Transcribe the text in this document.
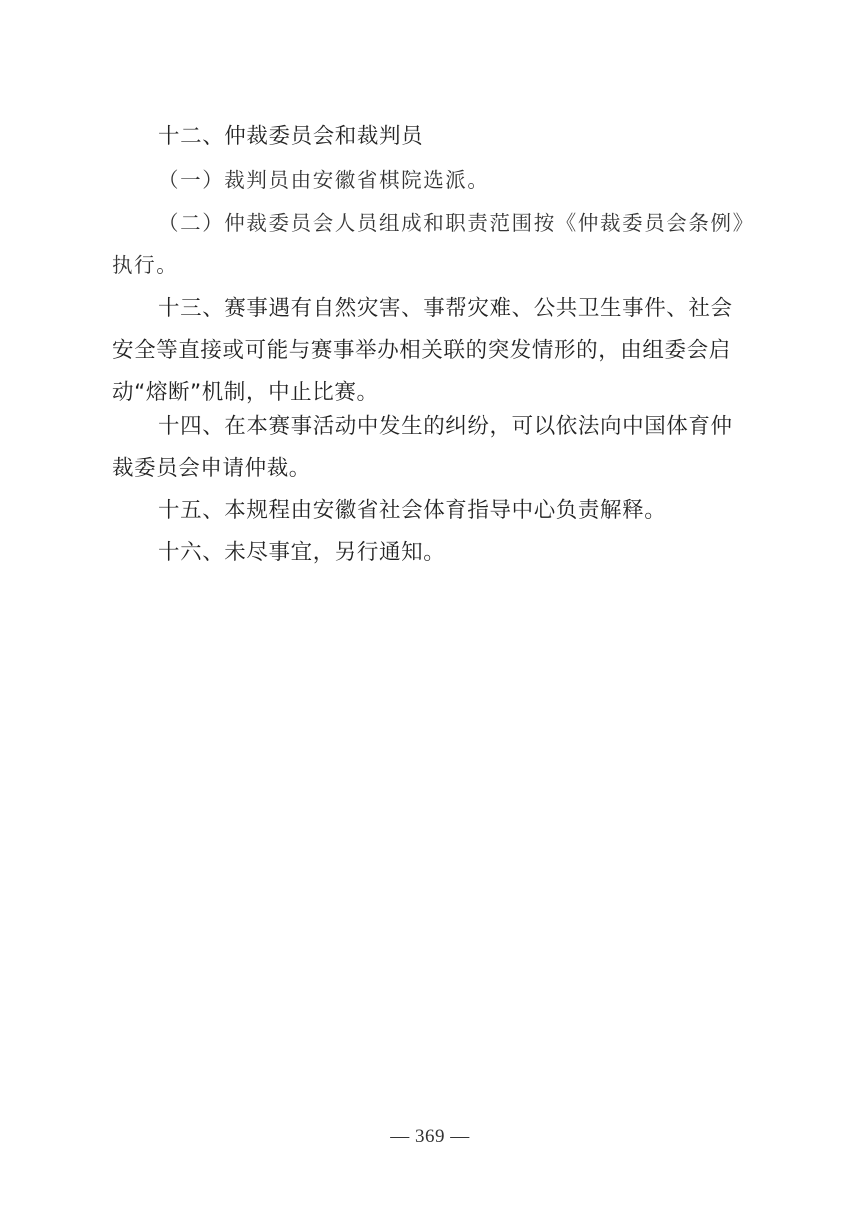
十二、仲裁委员会和裁判员

（一）裁判员由安徽省棋院选派。

（二）仲裁委员会人员组成和职责范围按《仲裁委员会条例》执行。

十三、赛事遇有自然灾害、事帮灾难、公共卫生事件、社会安全等直接或可能与赛事举办相关联的突发情形的，由组委会启动“熔断”机制，中止比赛。

十四、在本赛事活动中发生的纠纷，可以依法向中国体育仲裁委员会申请仲裁。

十五、本规程由安徽省社会体育指导中心负责解释。

十六、未尽事宜，另行通知。

— 369 —
